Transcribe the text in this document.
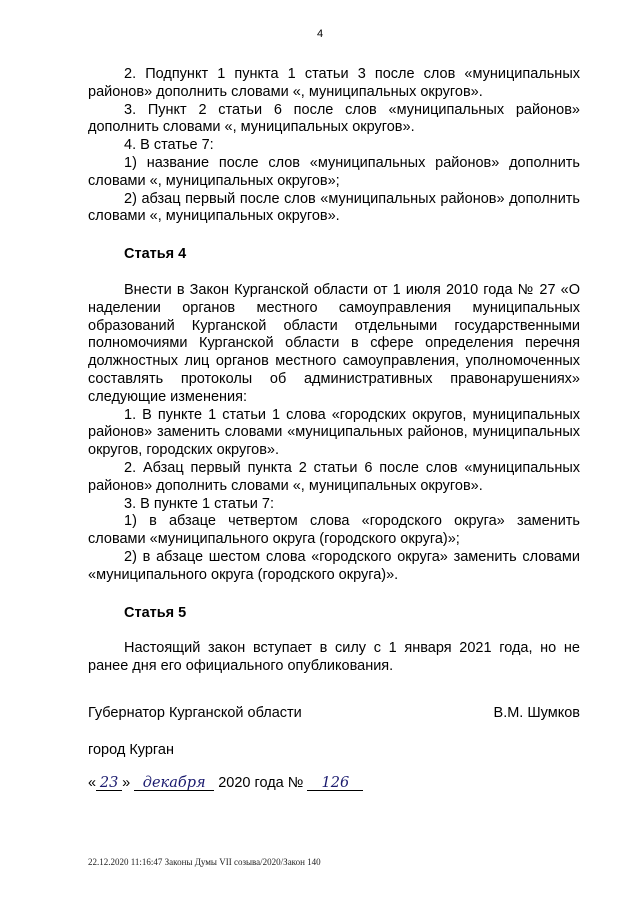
4

2. Подпункт 1 пункта 1 статьи 3 после слов «муниципальных районов» дополнить словами «, муниципальных округов».

3. Пункт 2 статьи 6 после слов «муниципальных районов» дополнить словами «, муниципальных округов».

4. В статье 7:

1) название после слов «муниципальных районов» дополнить словами «, муниципальных округов»;

2) абзац первый после слов «муниципальных районов» дополнить словами «, муниципальных округов».

Статья 4

Внести в Закон Курганской области от 1 июля 2010 года № 27 «О наделении органов местного самоуправления муниципальных образований Курганской области отдельными государственными полномочиями Курганской области в сфере определения перечня должностных лиц органов местного самоуправления, уполномоченных составлять протоколы об административных правонарушениях» следующие изменения:

1. В пункте 1 статьи 1 слова «городских округов, муниципальных районов» заменить словами «муниципальных районов, муниципальных округов, городских округов».

2. Абзац первый пункта 2 статьи 6 после слов «муниципальных районов» дополнить словами «, муниципальных округов».

3. В пункте 1 статьи 7:

1) в абзаце четвертом слова «городского округа» заменить словами «муниципального округа (городского округа)»;

2) в абзаце шестом слова «городского округа» заменить словами «муниципального округа (городского округа)».

Статья 5

Настоящий закон вступает в силу с 1 января 2021 года, но не ранее дня его официального опубликования.

Губернатор Курганской области	В.М. Шумков
город Курган
« 23 » декабря 2020 года № 126
22.12.2020 11:16:47 Законы Думы VII созыва/2020/Закон 140
